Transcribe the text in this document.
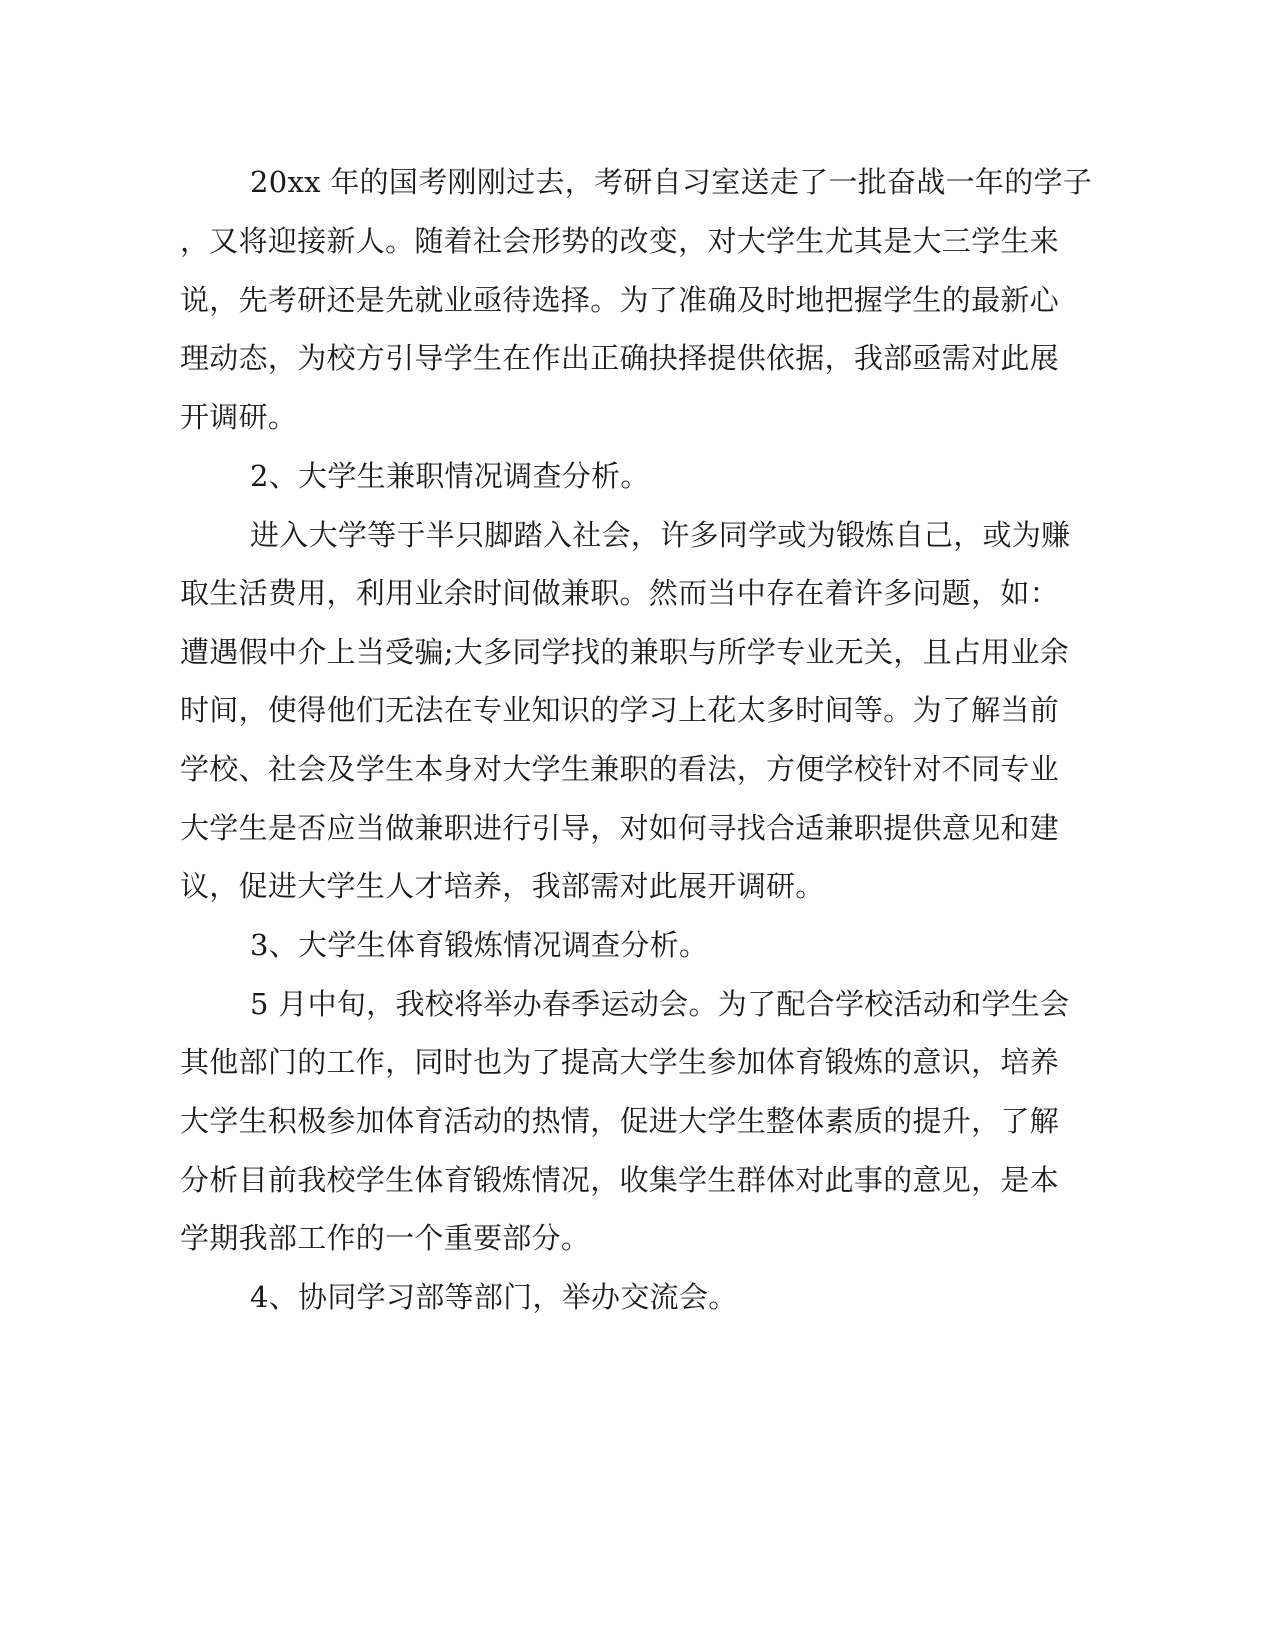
20xx 年的国考刚刚过去，考研自习室送走了一批奋战一年的学子
，又将迎接新人。随着社会形势的改变，对大学生尤其是大三学生来
说，先考研还是先就业亟待选择。为了准确及时地把握学生的最新心
理动态，为校方引导学生在作出正确抉择提供依据，我部亟需对此展
开调研。
2、大学生兼职情况调查分析。
进入大学等于半只脚踏入社会，许多同学或为锻炼自己，或为赚
取生活费用，利用业余时间做兼职。然而当中存在着许多问题，如：
遭遇假中介上当受骗;大多同学找的兼职与所学专业无关，且占用业余
时间，使得他们无法在专业知识的学习上花太多时间等。为了解当前
学校、社会及学生本身对大学生兼职的看法，方便学校针对不同专业
大学生是否应当做兼职进行引导，对如何寻找合适兼职提供意见和建
议，促进大学生人才培养，我部需对此展开调研。
3、大学生体育锻炼情况调查分析。
5 月中旬，我校将举办春季运动会。为了配合学校活动和学生会
其他部门的工作，同时也为了提高大学生参加体育锻炼的意识，培养
大学生积极参加体育活动的热情，促进大学生整体素质的提升，了解
分析目前我校学生体育锻炼情况，收集学生群体对此事的意见，是本
学期我部工作的一个重要部分。
4、协同学习部等部门，举办交流会。
